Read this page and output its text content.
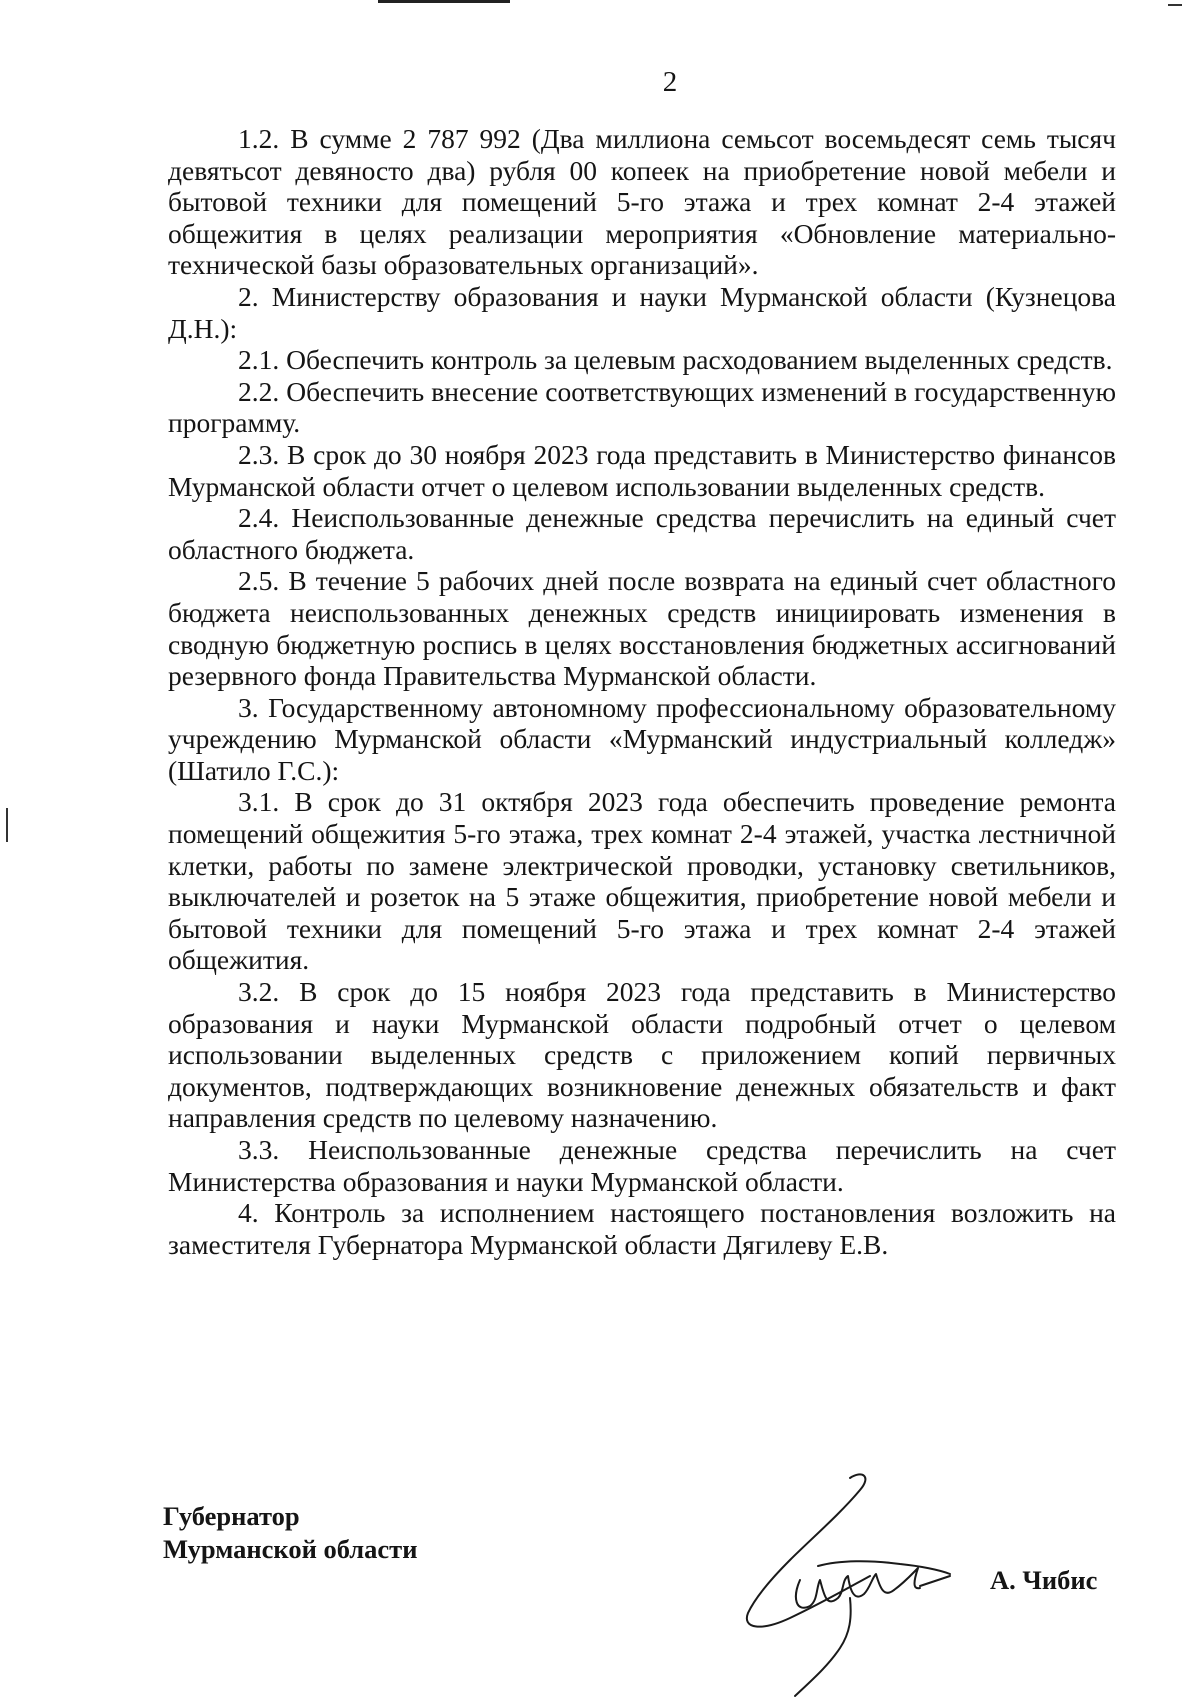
2

1.2. В сумме 2 787 992 (Два миллиона семьсот восемьдесят семь тысяч девятьсот девяносто два) рубля 00 копеек на приобретение новой мебели и бытовой техники для помещений 5-го этажа и трех комнат 2-4 этажей общежития в целях реализации мероприятия «Обновление материально-технической базы образовательных организаций».

2. Министерству образования и науки Мурманской области (Кузнецова Д.Н.):

2.1. Обеспечить контроль за целевым расходованием выделенных средств.

2.2. Обеспечить внесение соответствующих изменений в государственную программу.

2.3. В срок до 30 ноября 2023 года представить в Министерство финансов Мурманской области отчет о целевом использовании выделенных средств.

2.4. Неиспользованные денежные средства перечислить на единый счет областного бюджета.

2.5. В течение 5 рабочих дней после возврата на единый счет областного бюджета неиспользованных денежных средств инициировать изменения в сводную бюджетную роспись в целях восстановления бюджетных ассигнований резервного фонда Правительства Мурманской области.

3. Государственному автономному профессиональному образовательному учреждению Мурманской области «Мурманский индустриальный колледж» (Шатило Г.С.):

3.1. В срок до 31 октября 2023 года обеспечить проведение ремонта помещений общежития 5-го этажа, трех комнат 2-4 этажей, участка лестничной клетки, работы по замене электрической проводки, установку светильников, выключателей и розеток на 5 этаже общежития, приобретение новой мебели и бытовой техники для помещений 5-го этажа и трех комнат 2-4 этажей общежития.

3.2. В срок до 15 ноября 2023 года представить в Министерство образования и науки Мурманской области подробный отчет о целевом использовании выделенных средств с приложением копий первичных документов, подтверждающих возникновение денежных обязательств и факт направления средств по целевому назначению.

3.3. Неиспользованные денежные средства перечислить на счет Министерства образования и науки Мурманской области.

4. Контроль за исполнением настоящего постановления возложить на заместителя Губернатора Мурманской области Дягилеву Е.В.

Губернатор
Мурманской области
А. Чибис
